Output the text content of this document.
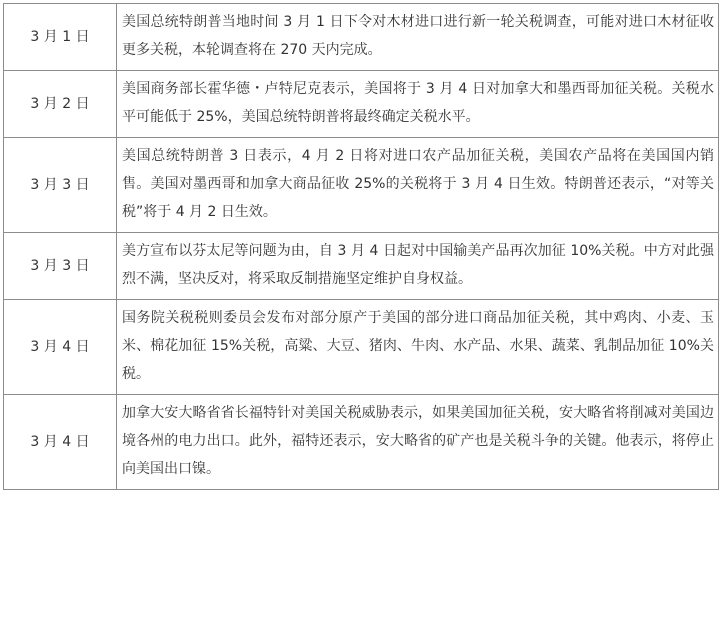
3 月 1 日	美国总统特朗普当地时间 3 月 1 日下令对木材进口进行新一轮关税调查，可能对进口木材征收更多关税，本轮调查将在 270 天内完成。
3 月 2 日	美国商务部长霍华德・卢特尼克表示，美国将于 3 月 4 日对加拿大和墨西哥加征关税。关税水平可能低于 25%，美国总统特朗普将最终确定关税水平。
3 月 3 日	美国总统特朗普 3 日表示，4 月 2 日将对进口农产品加征关税，美国农产品将在美国国内销售。美国对墨西哥和加拿大商品征收 25%的关税将于 3 月 4 日生效。特朗普还表示，“对等关税”将于 4 月 2 日生效。
3 月 3 日	美方宣布以芬太尼等问题为由，自 3 月 4 日起对中国输美产品再次加征 10%关税。中方对此强烈不满，坚决反对，将采取反制措施坚定维护自身权益。
3 月 4 日	国务院关税税则委员会发布对部分原产于美国的部分进口商品加征关税，其中鸡肉、小麦、玉米、棉花加征 15%关税，高粱、大豆、猪肉、牛肉、水产品、水果、蔬菜、乳制品加征 10%关税。
3 月 4 日	加拿大安大略省省长福特针对美国关税威胁表示，如果美国加征关税，安大略省将削减对美国边境各州的电力出口。此外，福特还表示，安大略省的矿产也是关税斗争的关键。他表示，将停止向美国出口镍。
